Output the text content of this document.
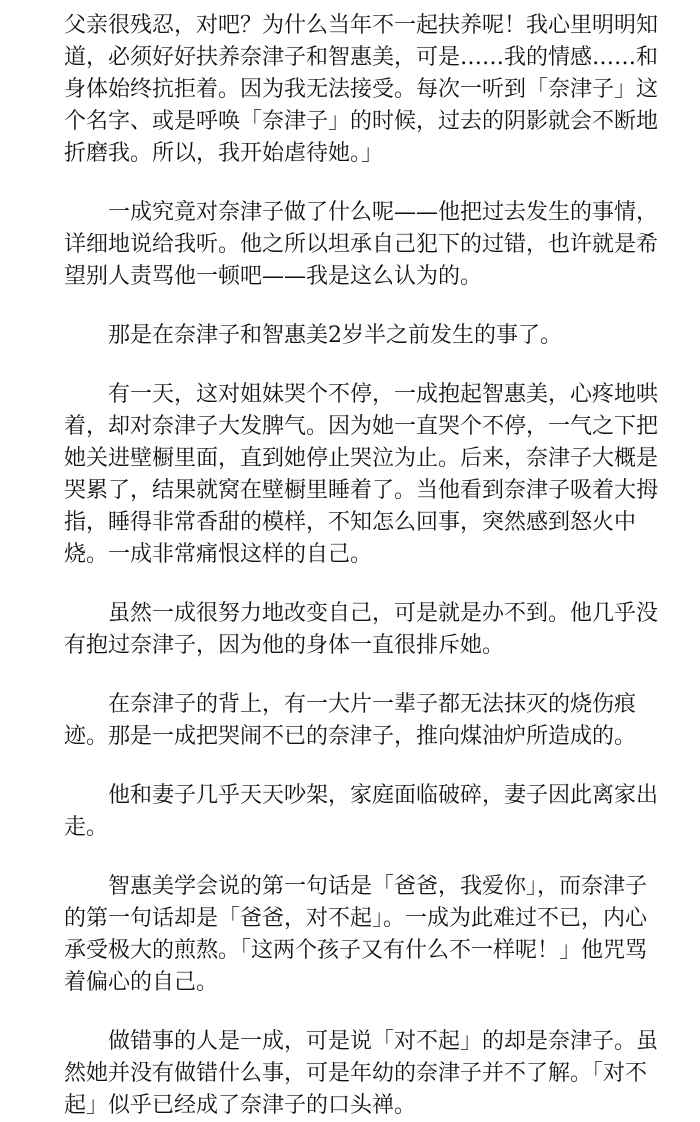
父亲很残忍，对吧？为什么当年不一起扶养呢！我心里明明知
道，必须好好扶养奈津子和智惠美，可是……我的情感……和
身体始终抗拒着。因为我无法接受。每次一听到「奈津子」这
个名字、或是呼唤「奈津子」的时候，过去的阴影就会不断地
折磨我。所以，我开始虐待她。」

一成究竟对奈津子做了什么呢——他把过去发生的事情，
详细地说给我听。他之所以坦承自己犯下的过错，也许就是希
望别人责骂他一顿吧——我是这么认为的。

那是在奈津子和智惠美2岁半之前发生的事了。

有一天，这对姐妹哭个不停，一成抱起智惠美，心疼地哄
着，却对奈津子大发脾气。因为她一直哭个不停，一气之下把
她关进壁橱里面，直到她停止哭泣为止。后来，奈津子大概是
哭累了，结果就窝在壁橱里睡着了。当他看到奈津子吸着大拇
指，睡得非常香甜的模样，不知怎么回事，突然感到怒火中
烧。一成非常痛恨这样的自己。

虽然一成很努力地改变自己，可是就是办不到。他几乎没
有抱过奈津子，因为他的身体一直很排斥她。

在奈津子的背上，有一大片一辈子都无法抹灭的烧伤痕
迹。那是一成把哭闹不已的奈津子，推向煤油炉所造成的。

他和妻子几乎天天吵架，家庭面临破碎，妻子因此离家出
走。

智惠美学会说的第一句话是「爸爸，我爱你」，而奈津子
的第一句话却是「爸爸，对不起」。一成为此难过不已，内心
承受极大的煎熬。「这两个孩子又有什么不一样呢！」他咒骂
着偏心的自己。

做错事的人是一成，可是说「对不起」的却是奈津子。虽
然她并没有做错什么事，可是年幼的奈津子并不了解。「对不
起」似乎已经成了奈津子的口头禅。
